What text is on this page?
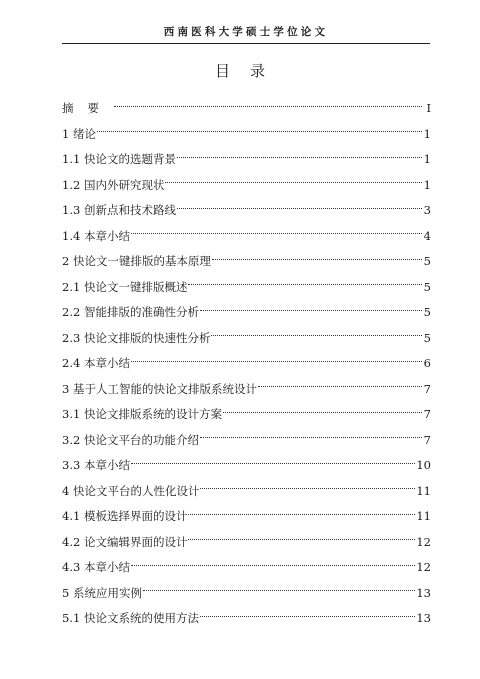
西南医科大学硕士学位论文
目录
摘要	I
1 绪论	1
1.1 快论文的选题背景	1
1.2 国内外研究现状	1
1.3 创新点和技术路线	3
1.4 本章小结	4
2 快论文一键排版的基本原理	5
2.1 快论文一键排版概述	5
2.2 智能排版的准确性分析	5
2.3 快论文排版的快速性分析	5
2.4 本章小结	6
3 基于人工智能的快论文排版系统设计	7
3.1 快论文排版系统的设计方案	7
3.2 快论文平台的功能介绍	7
3.3 本章小结	10
4 快论文平台的人性化设计	11
4.1 模板选择界面的设计	11
4.2 论文编辑界面的设计	12
4.3 本章小结	12
5 系统应用实例	13
5.1 快论文系统的使用方法	13
